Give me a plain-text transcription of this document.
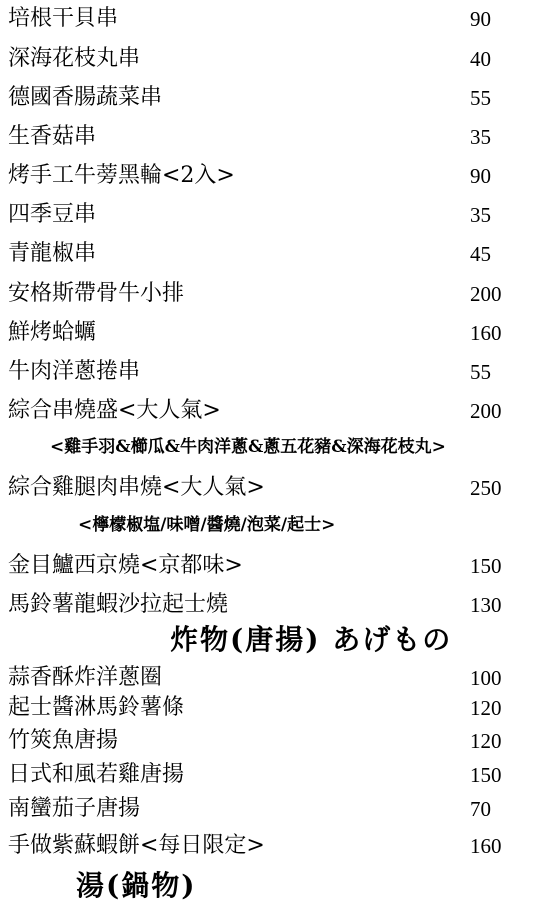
培根干貝串	90
深海花枝丸串	40
德國香腸蔬菜串	55
生香菇串	35
烤手工牛蒡黑輪<2入>	90
四季豆串	35
青龍椒串	45
安格斯帶骨牛小排	200
鮮烤蛤蠣	160
牛肉洋蔥捲串	55
綜合串燒盛<大人氣>	200
<雞手羽&櫛瓜&牛肉洋蔥&蔥五花豬&深海花枝丸>
綜合雞腿肉串燒<大人氣>	250
<檸檬椒塩/味噌/醬燒/泡菜/起士>
金目鱸西京燒<京都味>	150
馬鈴薯龍蝦沙拉起士燒	130
炸物(唐揚) あげもの
蒜香酥炸洋蔥圈	100
起士醬淋馬鈴薯條	120
竹筴魚唐揚	120
日式和風若雞唐揚	150
南蠻茄子唐揚	70
手做紫蘇蝦餅<每日限定>	160
湯(鍋物)
